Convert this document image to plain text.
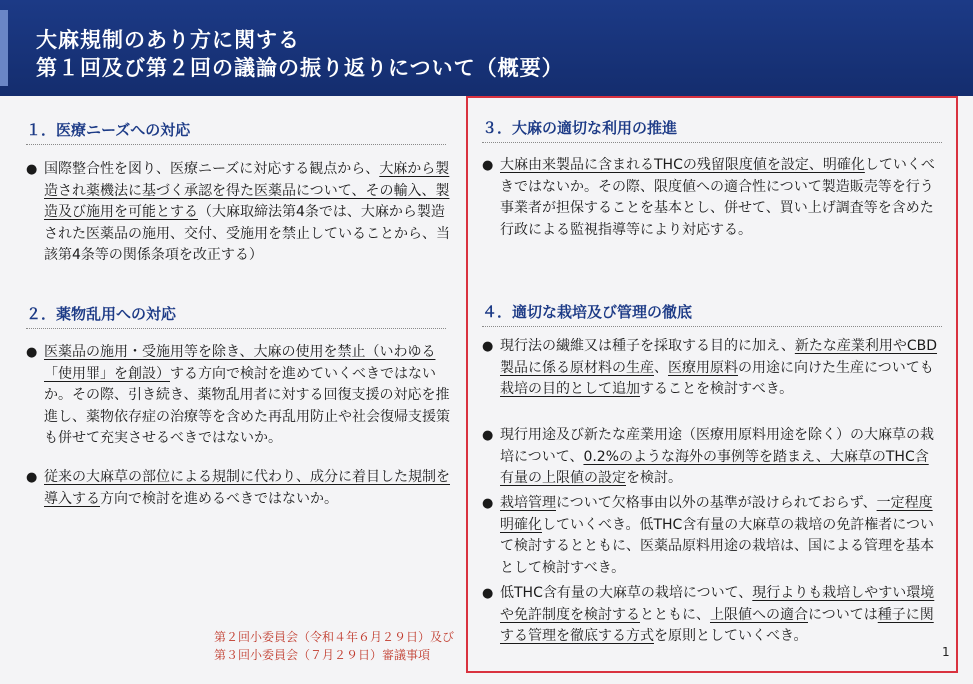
大麻規制のあり方に関する
第１回及び第２回の議論の振り返りについて（概要）
１．医療ニーズへの対応
● 国際整合性を図り、医療ニーズに対応する観点から、大麻から製造され薬機法に基づく承認を得た医薬品について、その輸入、製造及び施用を可能とする（大麻取締法第4条では、大麻から製造された医薬品の施用、交付、受施用を禁止していることから、当該第4条等の関係条項を改正する）
２．薬物乱用への対応
● 医薬品の施用・受施用等を除き、大麻の使用を禁止（いわゆる「使用罪」を創設）する方向で検討を進めていくべきではないか。その際、引き続き、薬物乱用者に対する回復支援の対応を推進し、薬物依存症の治療等を含めた再乱用防止や社会復帰支援策も併せて充実させるべきではないか。
● 従来の大麻草の部位による規制に代わり、成分に着目した規制を導入する方向で検討を進めるべきではないか。
３．大麻の適切な利用の推進
● 大麻由来製品に含まれるTHCの残留限度値を設定、明確化していくべきではないか。その際、限度値への適合性について製造販売等を行う事業者が担保することを基本とし、併せて、買い上げ調査等を含めた行政による監視指導等により対応する。
４．適切な栽培及び管理の徹底
● 現行法の繊維又は種子を採取する目的に加え、新たな産業利用やCBD製品に係る原材料の生産、医療用原料の用途に向けた生産についても栽培の目的として追加することを検討すべき。
● 現行用途及び新たな産業用途（医療用原料用途を除く）の大麻草の栽培について、0.2%のような海外の事例等を踏まえ、大麻草のTHC含有量の上限値の設定を検討。
● 栽培管理について欠格事由以外の基準が設けられておらず、一定程度明確化していくべき。低THC含有量の大麻草の栽培の免許権者について検討するとともに、医薬品原料用途の栽培は、国による管理を基本として検討すべき。
● 低THC含有量の大麻草の栽培について、現行よりも栽培しやすい環境や免許制度を検討するとともに、上限値への適合については種子に関する管理を徹底する方式を原則としていくべき。
第２回小委員会（令和４年６月２９日）及び
第３回小委員会（７月２９日）審議事項	1
